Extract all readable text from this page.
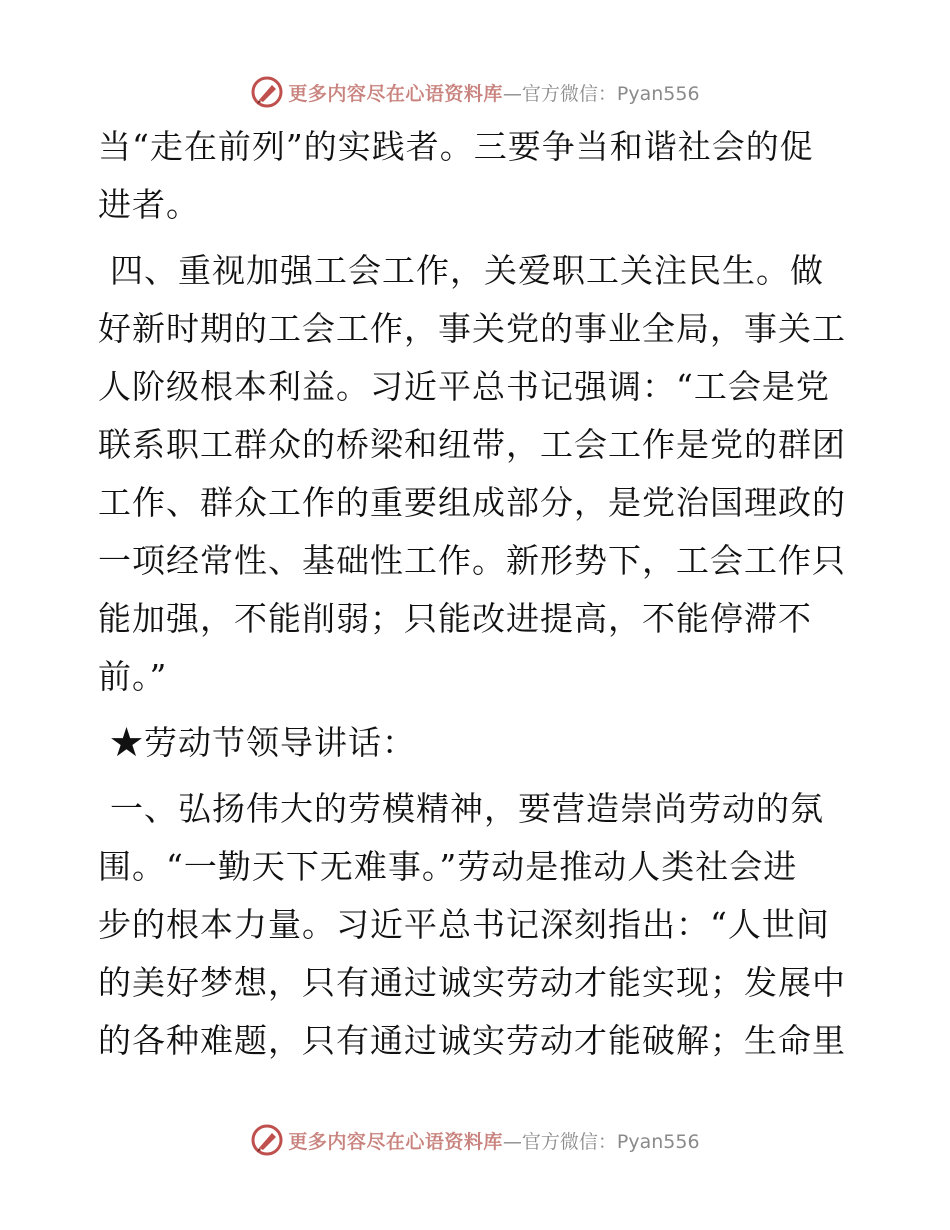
更多内容尽在心语资料库 —官方微信：Pyan556

当“走在前列”的实践者。三要争当和谐社会的促
进者。

四、重视加强工会工作，关爱职工关注民生。做
好新时期的工会工作，事关党的事业全局，事关工
人阶级根本利益。习近平总书记强调：“工会是党
联系职工群众的桥梁和纽带，工会工作是党的群团
工作、群众工作的重要组成部分，是党治国理政的
一项经常性、基础性工作。新形势下，工会工作只
能加强，不能削弱；只能改进提高，不能停滞不
前。”

★劳动节领导讲话：

一、弘扬伟大的劳模精神，要营造崇尚劳动的氛
围。“一勤天下无难事。”劳动是推动人类社会进
步的根本力量。习近平总书记深刻指出：“人世间
的美好梦想，只有通过诚实劳动才能实现；发展中
的各种难题，只有通过诚实劳动才能破解；生命里

更多内容尽在心语资料库 —官方微信：Pyan556
